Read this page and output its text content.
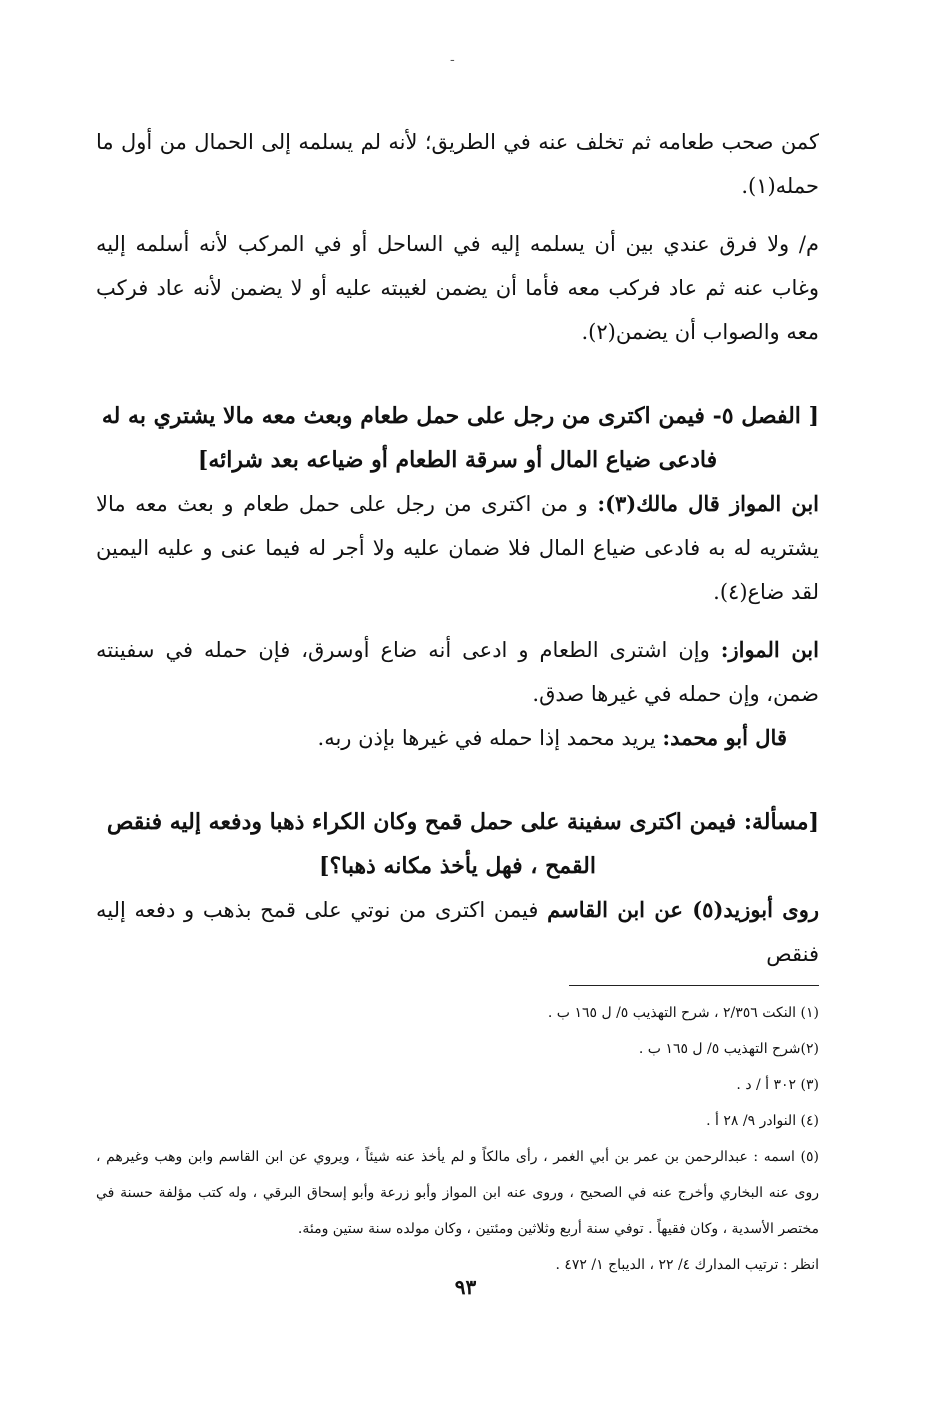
-

كمن صحب طعامه ثم تخلف عنه في الطريق؛ لأنه لم يسلمه إلى الحمال من أول ما حمله(١).

م/ ولا فرق عندي بين أن يسلمه إليه في الساحل أو في المركب لأنه أسلمه إليه وغاب عنه ثم عاد فركب معه فأما أن يضمن لغيبته عليه أو لا يضمن لأنه عاد فركب معه والصواب أن يضمن(٢).

[ الفصل ٥- فيمن اكترى من رجل على حمل طعام وبعث معه مالا يشتري به له

فادعى ضياع المال أو سرقة الطعام أو ضياعه بعد شرائه]

ابن المواز قال مالك(٣): و من اكترى من رجل على حمل طعام و بعث معه مالا يشتريه له به فادعى ضياع المال فلا ضمان عليه ولا أجر له فيما عنى و عليه اليمين لقد ضاع(٤).

ابن المواز: وإن اشترى الطعام و ادعى أنه ضاع أوسرق، فإن حمله في سفينته ضمن، وإن حمله في غيرها صدق.

قال أبو محمد: يريد محمد إذا حمله في غيرها بإذن ربه.

[مسألة: فيمن اكترى سفينة على حمل قمح وكان الكراء ذهبا ودفعه إليه فنقص

القمح ، فهل يأخذ مكانه ذهبا؟]

روى أبوزيد(٥) عن ابن القاسم فيمن اكترى من نوتي على قمح بذهب و دفعه إليه فنقص

(١) النكت ٢/٣٥٦ ، شرح التهذيب ٥/ ل ١٦٥ ب .

(٢)شرح التهذيب ٥/ ل ١٦٥ ب .

(٣) ٣٠٢ أ / د .

(٤) النوادر ٩/ ٢٨ أ .

(٥) اسمه : عبدالرحمن بن عمر بن أبي الغمر ، رأى مالكاً و لم يأخذ عنه شيئاً ، ويروي عن ابن القاسم وابن وهب وغيرهم ، روى عنه البخاري وأخرج عنه في الصحيح ، وروى عنه ابن المواز وأبو زرعة وأبو إسحاق البرقي ، وله كتب مؤلفة حسنة في مختصر الأسدية ، وكان فقيهاً . توفي سنة أربع وثلاثين ومئتين ، وكان مولده سنة ستين ومئة.

انظر : ترتيب المدارك ٤/ ٢٢ ، الديباج ١/ ٤٧٢ .

٩٣
